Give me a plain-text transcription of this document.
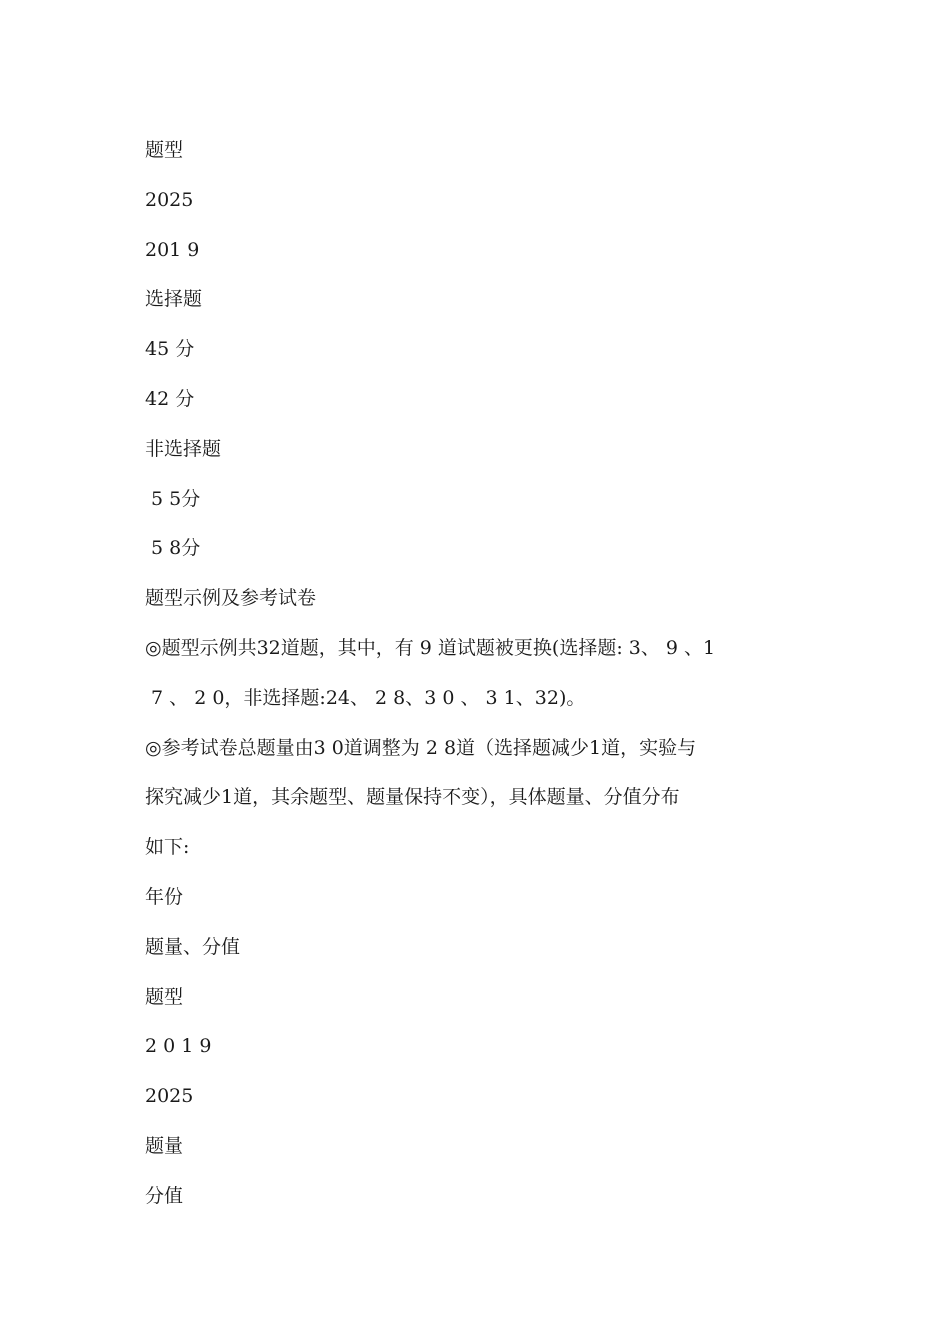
题型

2025

201 9

选择题

45 分

42 分

非选择题

5 5分

5 8分

题型示例及参考试卷

◎题型示例共32道题，其中，有 9 道试题被更换(选择题: 3、 9 、1

7 、 2 0，非选择题:24、 2 8、3 0 、 3 1、32)。

◎参考试卷总题量由3 0道调整为 2 8道（选择题减少1道，实验与

探究减少1道，其余题型、题量保持不变），具体题量、分值分布

如下:

年份

题量、分值

题型

2 0 1 9

2025

题量

分值
